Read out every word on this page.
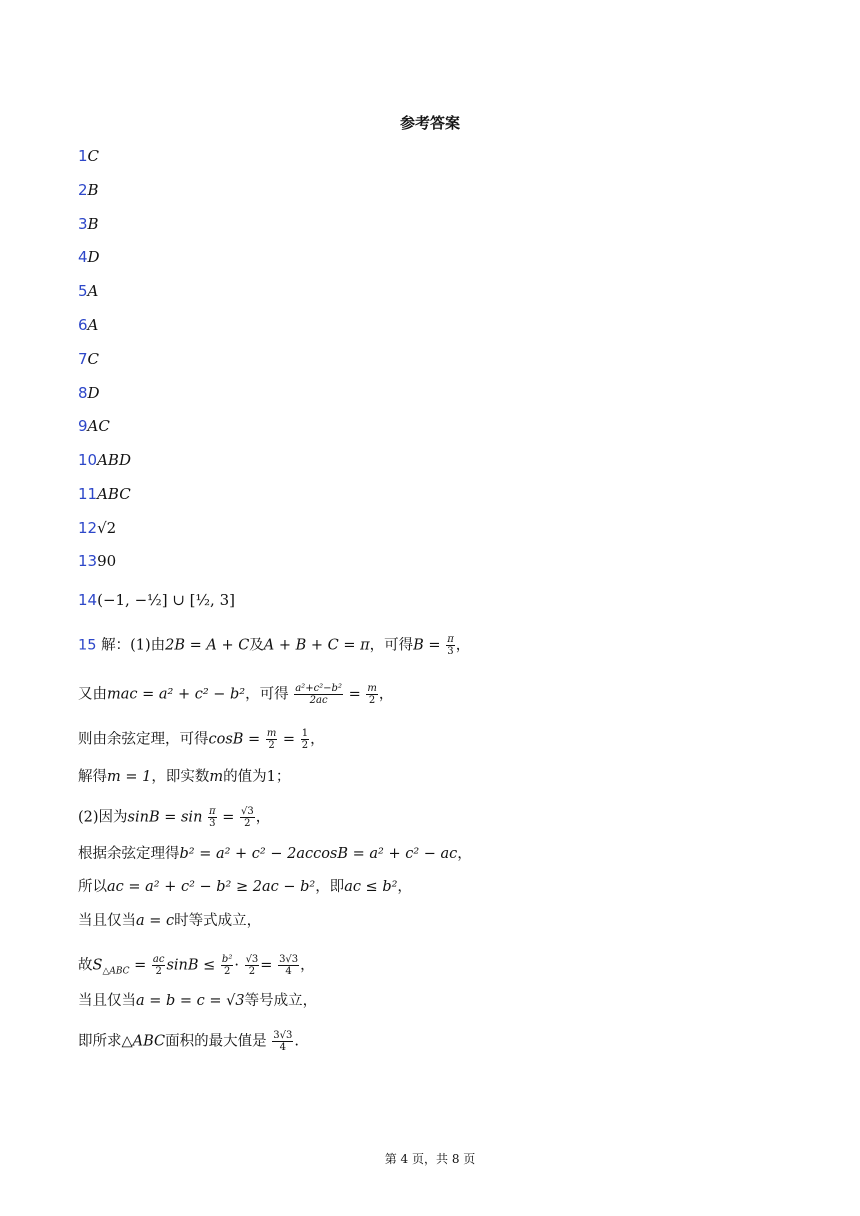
参考答案
1C
2B
3B
4D
5A
6A
7C
8D
9AC
10ABD
11ABC
12√2
1390
14(−1, −½] ∪ [½, 3]
15 解：(1)由2B = A + C及A + B + C = π，可得$B = \frac{\pi}{3}$ ，
又由mac = a² + c² − b²，可得 $\frac{\text{a²+c²−b²}}{2ac} = \frac{m}{2}$ ，
则由余弦定理，可得$\cos B = \frac{m}{2} = \frac{1}{2}$ ，
解得m = 1，即实数m的值为1；
(2)因为$\sin B = \sin \frac{\pi}{3} = \frac{√3}{2}$ ，
根据余弦定理得b² = a² + c² − 2accosB = a² + c² − ac，
所以ac = a² + c² − b² ≥ 2ac − b²，即ac ≤ b²，
当且仅当a = c时等式成立，
故$S_{\triangle ABC} = \frac{ac}{2}$ $\sin B \le \frac{\text{b²}}{2} \cdot \frac{√3}{2} = \frac{3√3}{4}$ ，
当且仅当a = b = c = √3等号成立，
即所求△ABC面积的最大值是 $\frac{3√3}{4}$ .
第 4 页，共 8 页
